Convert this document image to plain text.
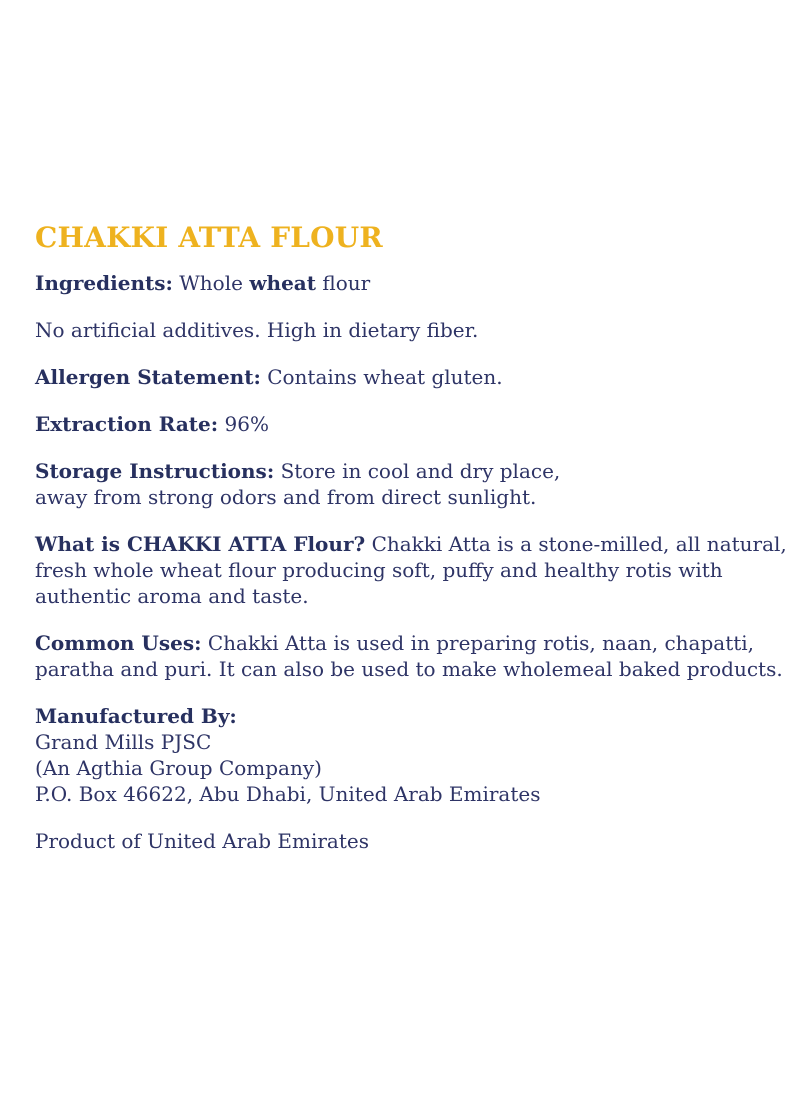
CHAKKI ATTA FLOUR
Ingredients: Whole wheat flour
No artificial additives. High in dietary fiber.
Allergen Statement: Contains wheat gluten.
Extraction Rate: 96%
Storage Instructions: Store in cool and dry place,
away from strong odors and from direct sunlight.
What is CHAKKI ATTA Flour? Chakki Atta is a stone-milled, all natural,
fresh whole wheat flour producing soft, puffy and healthy rotis with
authentic aroma and taste.
Common Uses: Chakki Atta is used in preparing rotis, naan, chapatti,
paratha and puri. It can also be used to make wholemeal baked products.
Manufactured By:
Grand Mills PJSC
(An Agthia Group Company)
P.O. Box 46622, Abu Dhabi, United Arab Emirates
Product of United Arab Emirates
